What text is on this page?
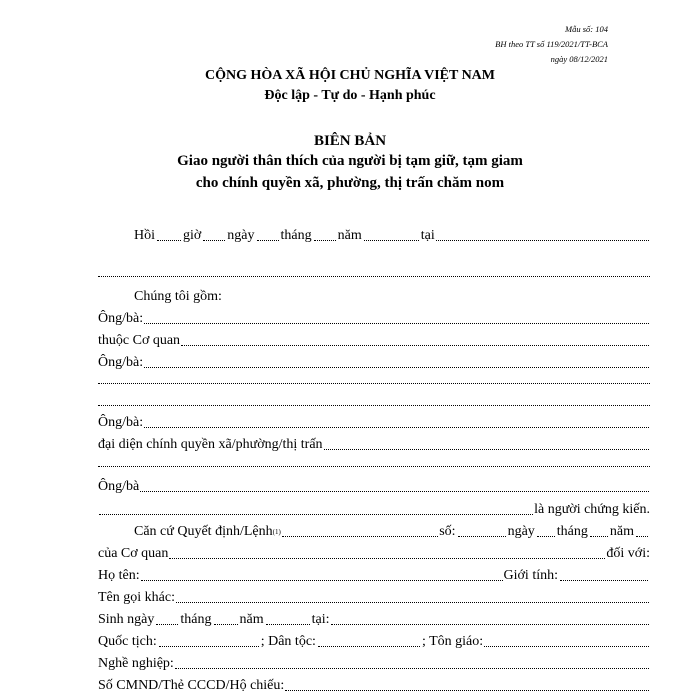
Mẫu số: 104
BH theo TT số 119/2021/TT-BCA
ngày 08/12/2021
CỘNG HÒA XÃ HỘI CHỦ NGHĨA VIỆT NAM
Độc lập - Tự do - Hạnh phúc
BIÊN BẢN
Giao người thân thích của người bị tạm giữ, tạm giam
cho chính quyền xã, phường, thị trấn chăm nom
Hồi giờ ngày tháng năm	tại
Chúng tôi gồm:
Ông/bà:
thuộc Cơ quan
Ông/bà:
Ông/bà:
đại diện chính quyền xã/phường/thị trấn
Ông/bà
là người chứng kiến.
Căn cứ Quyết định/Lệnh (1)	số:	ngày tháng năm
của Cơ quan	đối với:
Họ tên:	Giới tính:
Tên gọi khác:
Sinh ngày tháng năm	tại:
Quốc tịch:	; Dân tộc:	; Tôn giáo:
Nghề nghiệp:
Số CMND/Thẻ CCCD/Hộ chiếu:
